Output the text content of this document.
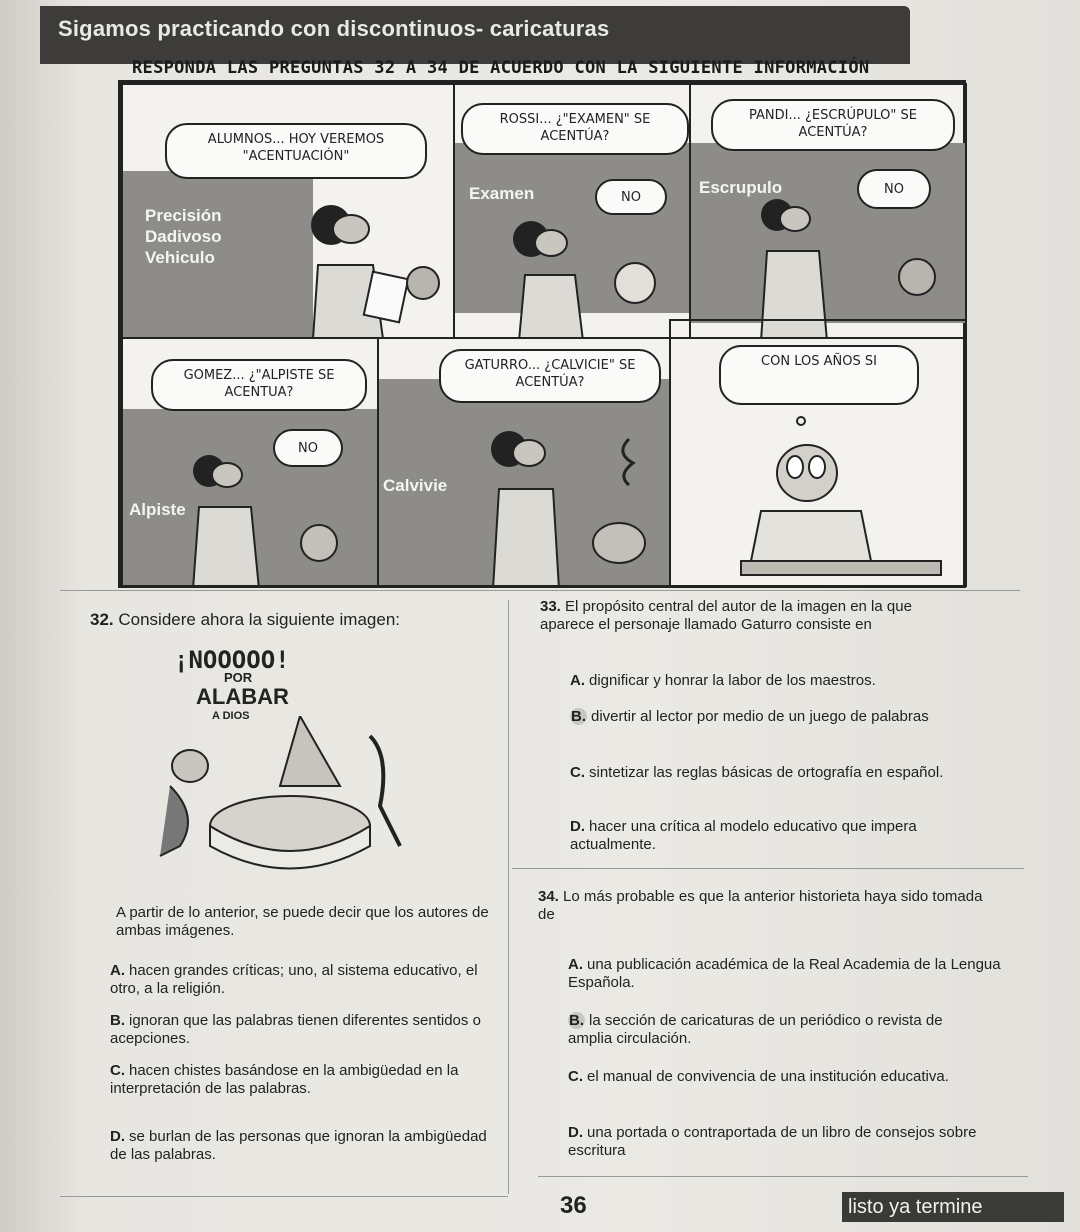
Sigamos practicando con discontinuos- caricaturas
RESPONDA LAS PREGUNTAS 32 A 34 DE ACUERDO CON LA SIGUIENTE INFORMACIÓN
Precisión
Dadivoso
Vehiculo
ALUMNOS... HOY VEREMOS "ACENTUACIÓN"
Examen
ROSSI... ¿"EXAMEN" SE ACENTÚA?
NO
Escrupulo
PANDI... ¿ESCRÚPULO" SE ACENTÚA?
NO
Alpiste
GOMEZ... ¿"ALPISTE SE ACENTUA?
NO
Calvivie
GATURRO... ¿CALVICIE" SE ACENTÚA?
CON LOS AÑOS SI
32. Considere ahora la siguiente imagen:
¡NOOOOO!
POR
ALABAR
A DIOS
A partir de lo anterior, se puede decir que los autores de ambas imágenes.
A. hacen grandes críticas; uno, al sistema educativo, el otro, a la religión.
B. ignoran que las palabras tienen diferentes sentidos o acepciones.
C. hacen chistes basándose en la ambigüedad en la interpretación de las palabras.
D. se burlan de las personas que ignoran la ambigüedad de las palabras.
33. El propósito central del autor de la imagen en la que aparece el personaje llamado Gaturro consiste en
A. dignificar y honrar la labor de los maestros.
B. divertir al lector por medio de un juego de palabras
C. sintetizar las reglas básicas de ortografía en español.
D. hacer una crítica al modelo educativo que impera actualmente.
34. Lo más probable es que la anterior historieta haya sido tomada de
A. una publicación académica de la Real Academia de la Lengua Española.
B. la sección de caricaturas de un periódico o revista de amplia circulación.
C. el manual de convivencia de una institución educativa.
D. una portada o contraportada de un libro de consejos sobre escritura
36	listo ya termine
